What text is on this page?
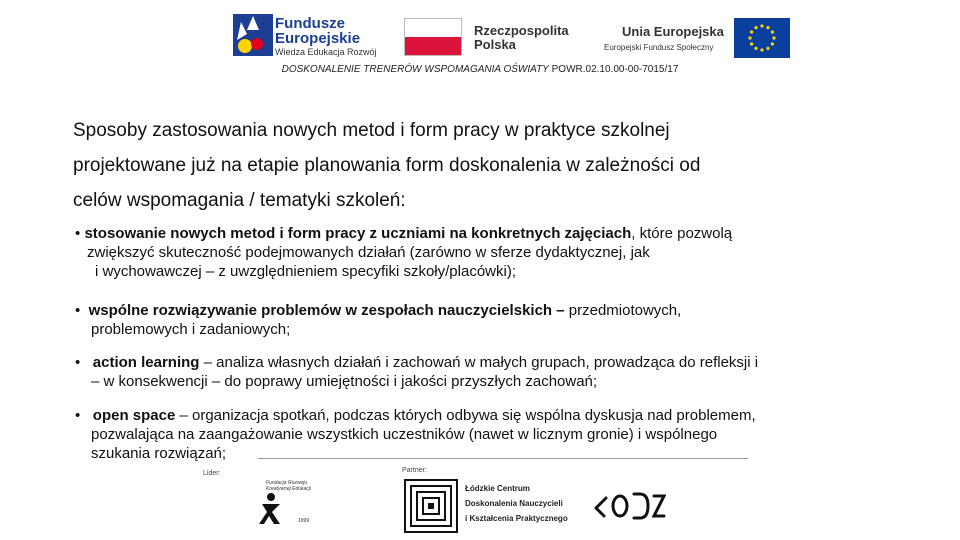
Fundusze
Europejskie
Wiedza Edukacja Rozwój
Rzeczpospolita
Polska
Unia Europejska
Europejski Fundusz Społeczny
DOSKONALENIE TRENERÓW WSPOMAGANIA OŚWIATY POWR.02.10.00-00-7015/17
Sposoby zastosowania nowych metod i form pracy w praktyce szkolnej
projektowane już na etapie planowania form doskonalenia w zależności od
celów wspomagania / tematyki szkoleń:
• stosowanie nowych metod i form pracy z uczniami na konkretnych zajęciach, które pozwolą
zwiększyć skuteczność podejmowanych działań (zarówno w sferze dydaktycznej, jak
i wychowawczej – z uwzględnieniem specyfiki szkoły/placówki);
• wspólne rozwiązywanie problemów w zespołach nauczycielskich – przedmiotowych,
problemowych i zadaniowych;
• action learning – analiza własnych działań i zachowań w małych grupach, prowadząca do refleksji i
– w konsekwencji – do poprawy umiejętności i jakości przyszłych zachowań;
• open space – organizacja spotkań, podczas których odbywa się wspólna dyskusja nad problemem,
pozwalająca na zaangażowanie wszystkich uczestników (nawet w licznym gronie) i wspólnego
szukania rozwiązań;
Lider:	Partner:
Fundacja Rozwoju Kreatywnej Edukacji
1999
Łódzkie Centrum
Doskonalenia Nauczycieli
i Kształcenia Praktycznego
